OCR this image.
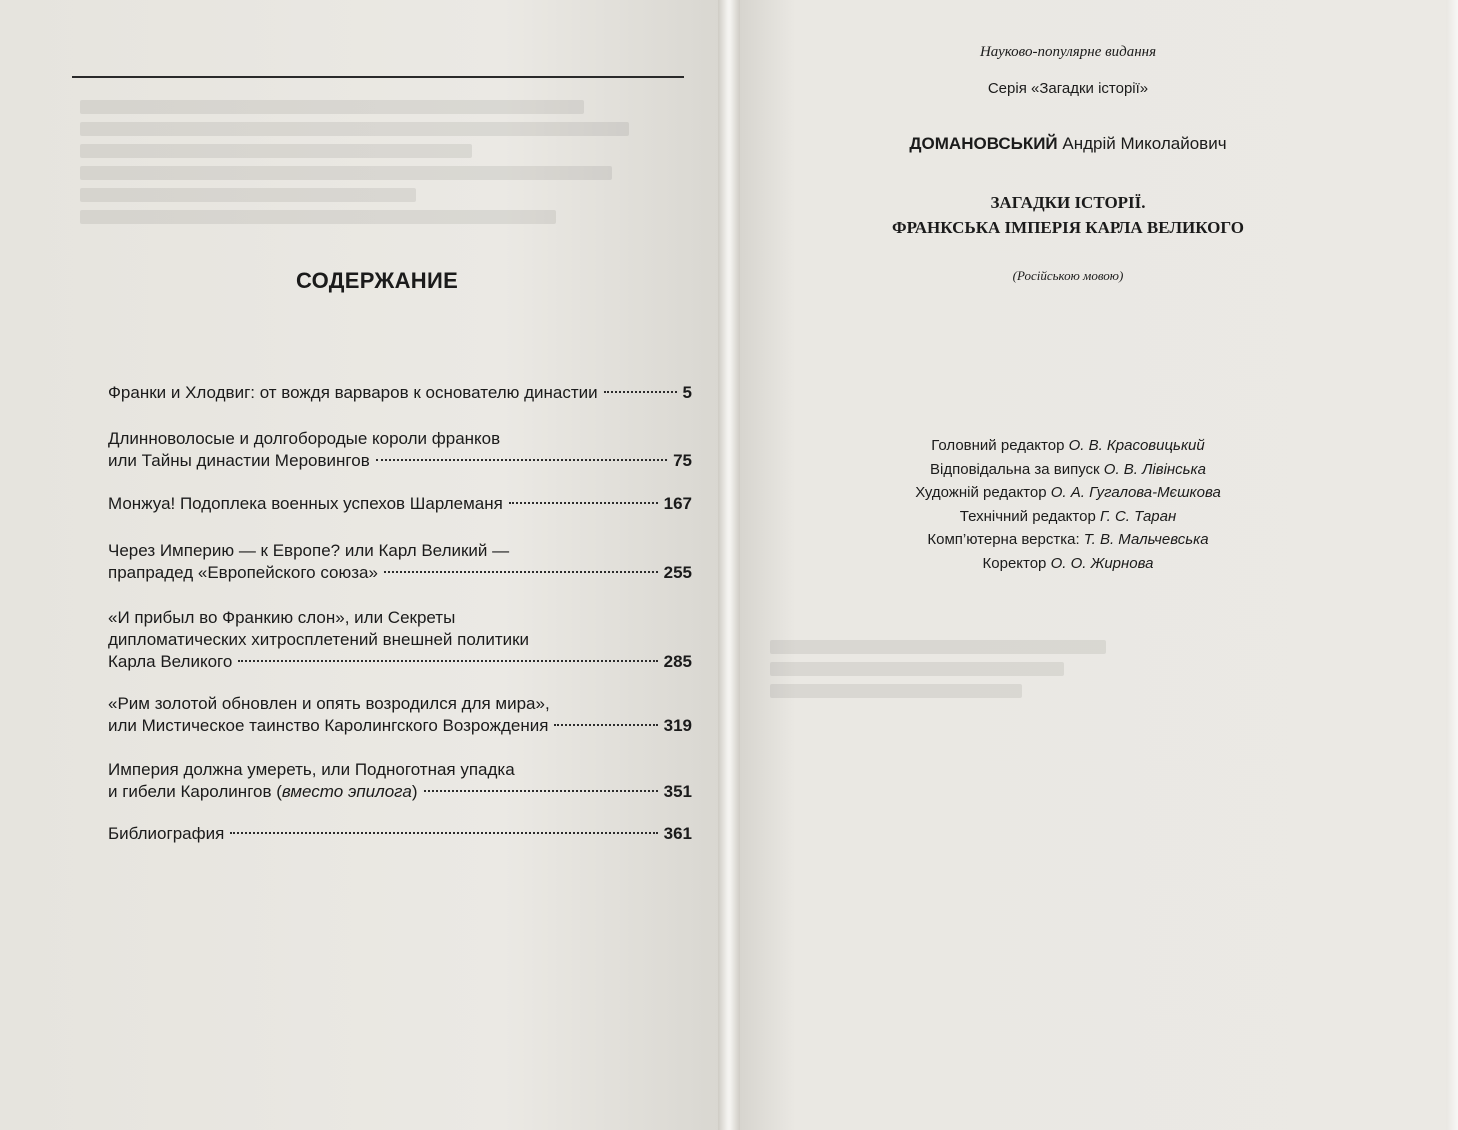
СОДЕРЖАНИЕ
Франки и Хлодвиг: от вождя варваров к основателю династии	5
Длинноволосые и долгобородые короли франков
или Тайны династии Меровингов	75
Монжуа! Подоплека военных успехов Шарлеманя	167
Через Империю — к Европе? или Карл Великий —
прапрадед «Европейского союза»	255
«И прибыл во Франкию слон», или Секреты
дипломатических хитросплетений внешней политики
Карла Великого	285
«Рим золотой обновлен и опять возродился для мира»,
или Мистическое таинство Каролингского Возрождения	319
Империя должна умереть, или Подноготная упадка
и гибели Каролингов (вместо эпилога)	351
Библиография	361
Науково-популярне видання
Серія «Загадки історії»
ДОМАНОВСЬКИЙ Андрій Миколайович
ЗАГАДКИ ІСТОРІЇ.
ФРАНКСЬКА ІМПЕРІЯ КАРЛА ВЕЛИКОГО
(Російською мовою)
Головний редактор О. В. Красовицький
Відповідальна за випуск О. В. Лівінська
Художній редактор О. А. Гугалова-Мєшкова
Технічний редактор Г. С. Таран
Комп’ютерна верстка: Т. В. Мальчевська
Коректор О. О. Жирнова
